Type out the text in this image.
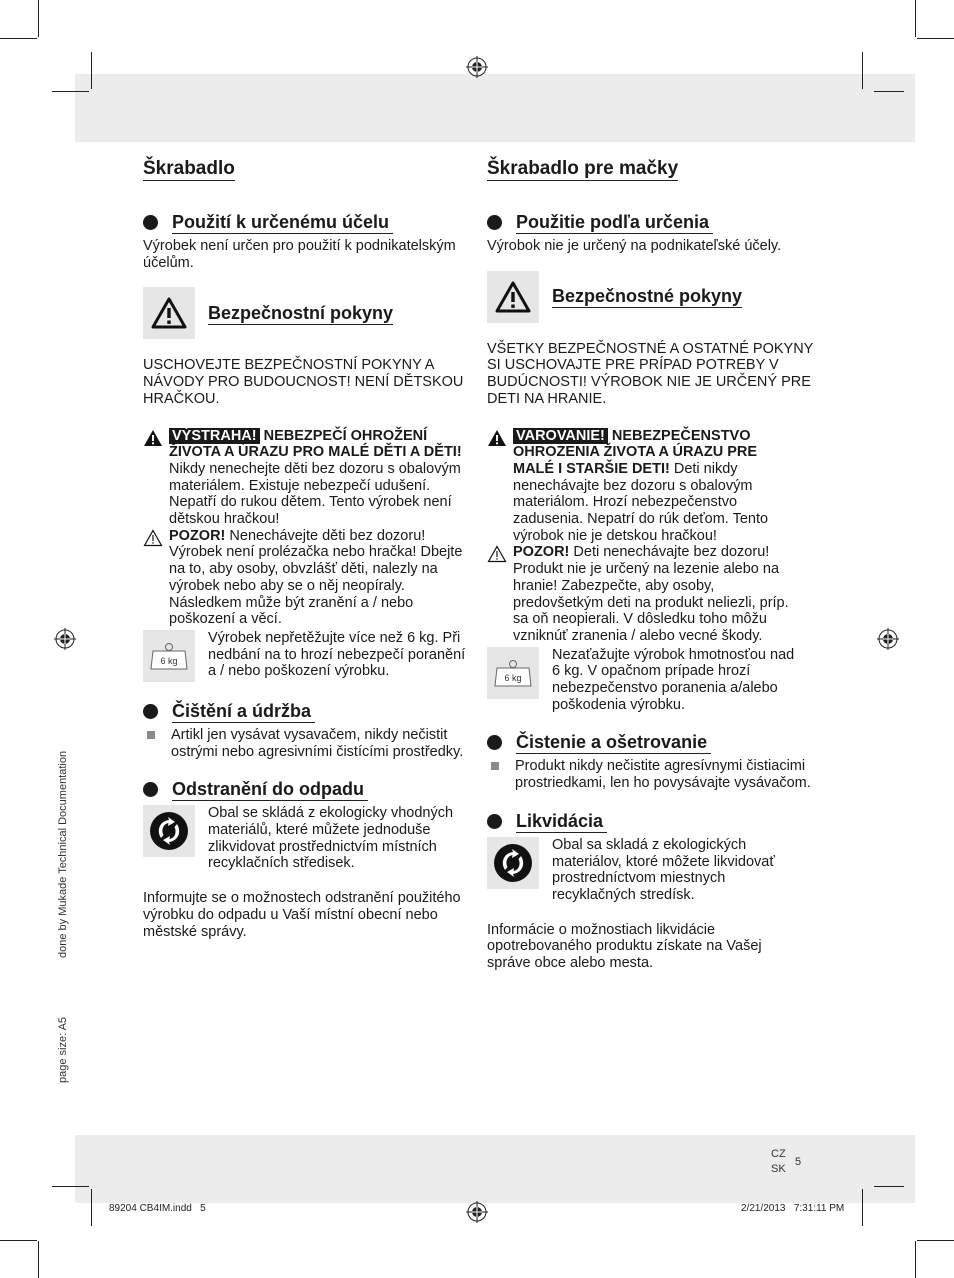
Škrabadlo
Použití k určenému účelu

Výrobek není určen pro použití k podnikatelským účelům.

Bezpečnostní pokyny

USCHOVEJTE BEZPEČNOSTNÍ POKYNY A NÁVODY PRO BUDOUCNOST! NENÍ DĚTSKOU HRAČKOU.

VÝSTRAHA! NEBEZPEČÍ OHROŽENÍ ŽIVOTA A ÚRAZU PRO MALÉ DĚTI A DĚTI! Nikdy nenechejte děti bez dozoru s obalovým materiálem. Existuje nebezpečí udušení. Nepatří do rukou dětem. Tento výrobek není dětskou hračkou!
POZOR! Nenechávejte děti bez dozoru! Výrobek není prolézačka nebo hračka! Dbejte na to, aby osoby, obvzlášť děti, nalezly na výrobek nebo aby se o něj neopíraly. Následkem může být zranění a / nebo poškození a věcí.
6 kg
Výrobek nepřetěžujte více než 6 kg. Při nedbání na to hrozí nebezpečí poranění a / nebo poškození výrobku.
Čištění a údržba
Artikl jen vysávat vysavačem, nikdy nečistit ostrými nebo agresivními čistícími prostředky.
Odstranění do odpadu
Obal se skládá z ekologicky vhodných materiálů, které můžete jednoduše zlikvidovat prostřednictvím místních recyklačních středisek.

Informujte se o možnostech odstranění použitého výrobku do odpadu u Vaší místní obecní nebo městské správy.

Škrabadlo pre mačky
Použitie podľa určenia

Výrobok nie je určený na podnikateľské účely.

Bezpečnostné pokyny

VŠETKY BEZPEČNOSTNÉ A OSTATNÉ POKYNY SI USCHOVAJTE PRE PRÍPAD POTREBY V BUDÚCNOSTI! VÝROBOK NIE JE URČENÝ PRE DETI NA HRANIE.

VAROVANIE! NEBEZPEČENSTVO OHROZENIA ŽIVOTA A ÚRAZU PRE MALÉ I STARŠIE DETI! Deti nikdy nenechávajte bez dozoru s obalovým materiálom. Hrozí nebezpečenstvo zadusenia. Nepatrí do rúk deťom. Tento výrobok nie je detskou hračkou!
POZOR! Deti nenechávajte bez dozoru! Produkt nie je určený na lezenie alebo na hranie! Zabezpečte, aby osoby, predovšetkým deti na produkt neliezli, príp. sa oň neopierali. V dôsledku toho môžu vzniknúť zranenia / alebo vecné škody.
6 kg
Nezaťažujte výrobok hmotnosťou nad 6 kg. V opačnom prípade hrozí nebezpečenstvo poranenia a/alebo poškodenia výrobku.
Čistenie a ošetrovanie
Produkt nikdy nečistite agresívnymi čistiacimi prostriedkami, len ho povysávajte vysávačom.
Likvidácia
Obal sa skladá z ekologických materiálov, ktoré môžete likvidovať prostredníctvom miestnych recyklačných stredísk.

Informácie o možnostiach likvidácie opotrebovaného produktu získate na Vašej správe obce alebo mesta.

done by Mukade Technical Documentation
page size: A5
CZ
SK
5
89204 CB4IM.indd   5	2/21/2013   7:31:11 PM
